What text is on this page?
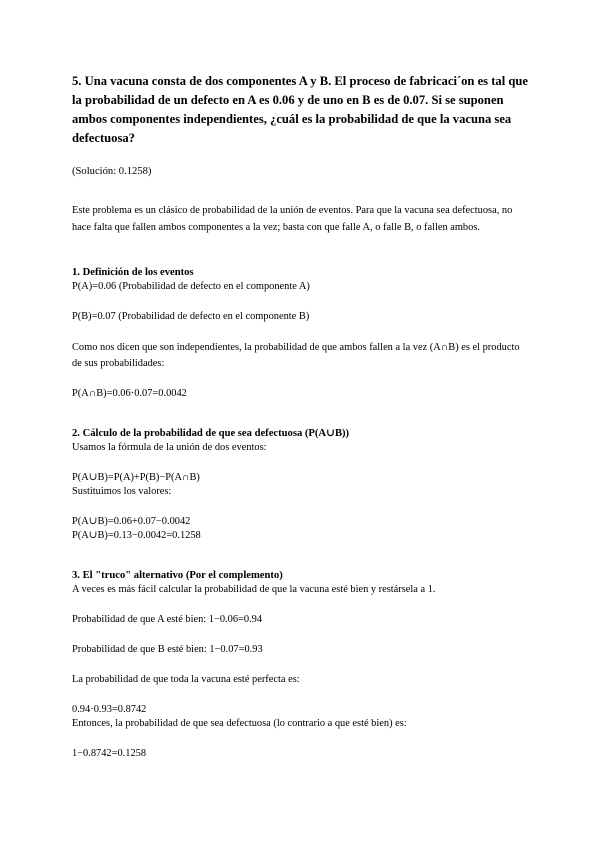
5. Una vacuna consta de dos componentes A y B. El proceso de fabricaci´on es tal que la probabilidad de un defecto en A es 0.06 y de uno en B es de 0.07. Si se suponen ambos componentes independientes, ¿cuál es la probabilidad de que la vacuna sea defectuosa?

(Solución: 0.1258)
Este problema es un clásico de probabilidad de la unión de eventos. Para que la vacuna sea defectuosa, no hace falta que fallen ambos componentes a la vez; basta con que falle A, o falle B, o fallen ambos.
1. Definición de los eventos
P(A)=0.06 (Probabilidad de defecto en el componente A)
P(B)=0.07 (Probabilidad de defecto en el componente B)
Como nos dicen que son independientes, la probabilidad de que ambos fallen a la vez (A∩B) es el producto de sus probabilidades:
P(A∩B)=0.06⋅0.07=0.0042
2. Cálculo de la probabilidad de que sea defectuosa (P(A∪B))
Usamos la fórmula de la unión de dos eventos:
P(A∪B)=P(A)+P(B)−P(A∩B)
Sustituimos los valores:
P(A∪B)=0.06+0.07−0.0042
P(A∪B)=0.13−0.0042=0.1258
3. El "truco" alternativo (Por el complemento)
A veces es más fácil calcular la probabilidad de que la vacuna esté bien y restársela a 1.
Probabilidad de que A esté bien: 1−0.06=0.94
Probabilidad de que B esté bien: 1−0.07=0.93
La probabilidad de que toda la vacuna esté perfecta es:
0.94⋅0.93=0.8742
Entonces, la probabilidad de que sea defectuosa (lo contrario a que esté bien) es:
1−0.8742=0.1258
